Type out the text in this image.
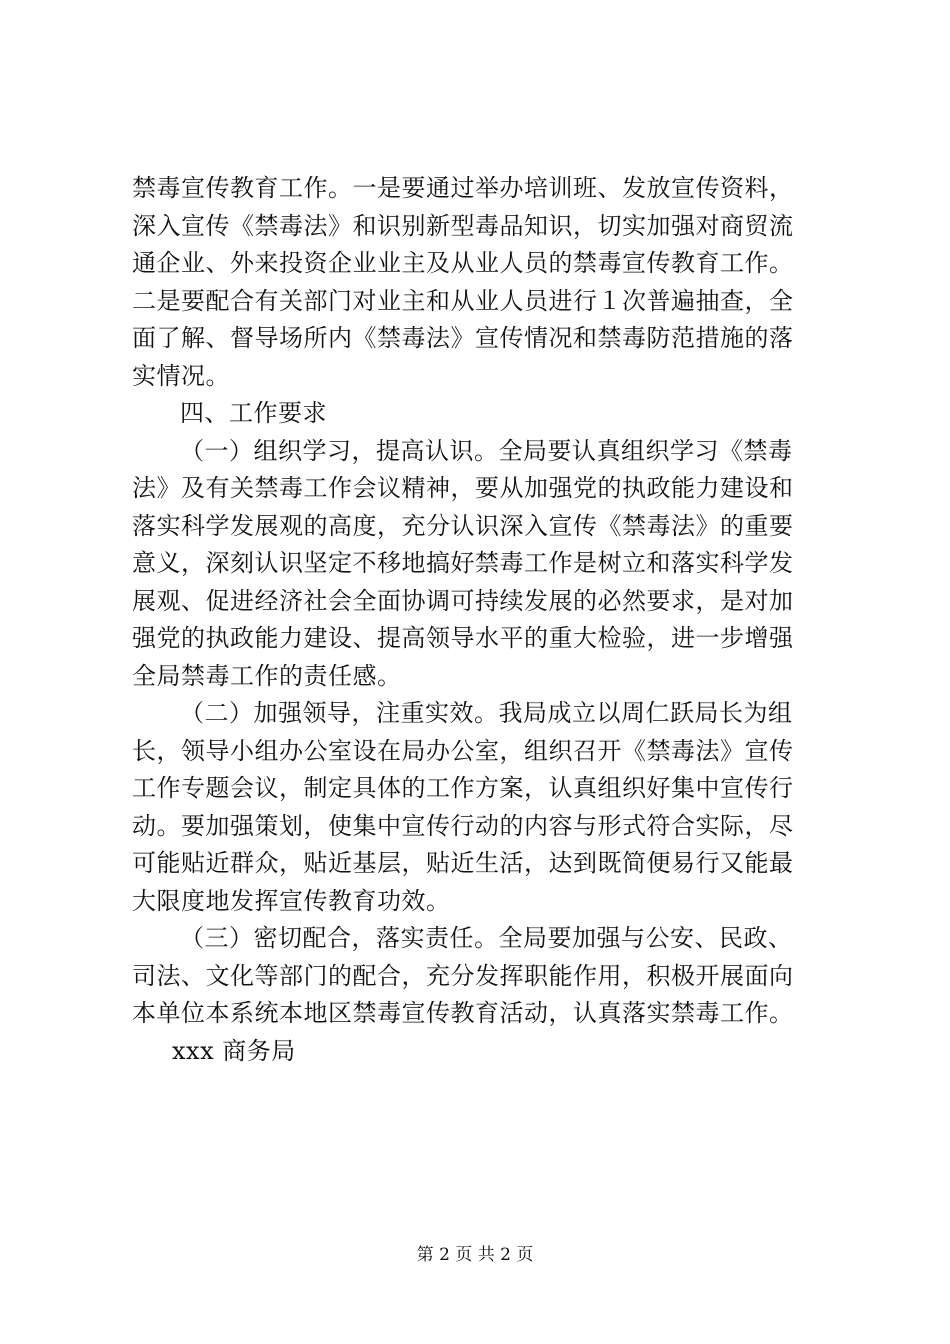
禁毒宣传教育工作。一是要通过举办培训班、发放宣传资料，
深入宣传《禁毒法》和识别新型毒品知识，切实加强对商贸流
通企业、外来投资企业业主及从业人员的禁毒宣传教育工作。
二是要配合有关部门对业主和从业人员进行１次普遍抽查，全
面了解、督导场所内《禁毒法》宣传情况和禁毒防范措施的落
实情况。
四、工作要求
（一）组织学习，提高认识。全局要认真组织学习《禁毒
法》及有关禁毒工作会议精神，要从加强党的执政能力建设和
落实科学发展观的高度，充分认识深入宣传《禁毒法》的重要
意义，深刻认识坚定不移地搞好禁毒工作是树立和落实科学发
展观、促进经济社会全面协调可持续发展的必然要求，是对加
强党的执政能力建设、提高领导水平的重大检验，进一步增强
全局禁毒工作的责任感。
（二）加强领导，注重实效。我局成立以周仁跃局长为组
长，领导小组办公室设在局办公室，组织召开《禁毒法》宣传
工作专题会议，制定具体的工作方案，认真组织好集中宣传行
动。要加强策划，使集中宣传行动的内容与形式符合实际，尽
可能贴近群众，贴近基层，贴近生活，达到既简便易行又能最
大限度地发挥宣传教育功效。
（三）密切配合，落实责任。全局要加强与公安、民政、
司法、文化等部门的配合，充分发挥职能作用，积极开展面向
本单位本系统本地区禁毒宣传教育活动，认真落实禁毒工作。
xxx 商务局
第 2 页 共 2 页
